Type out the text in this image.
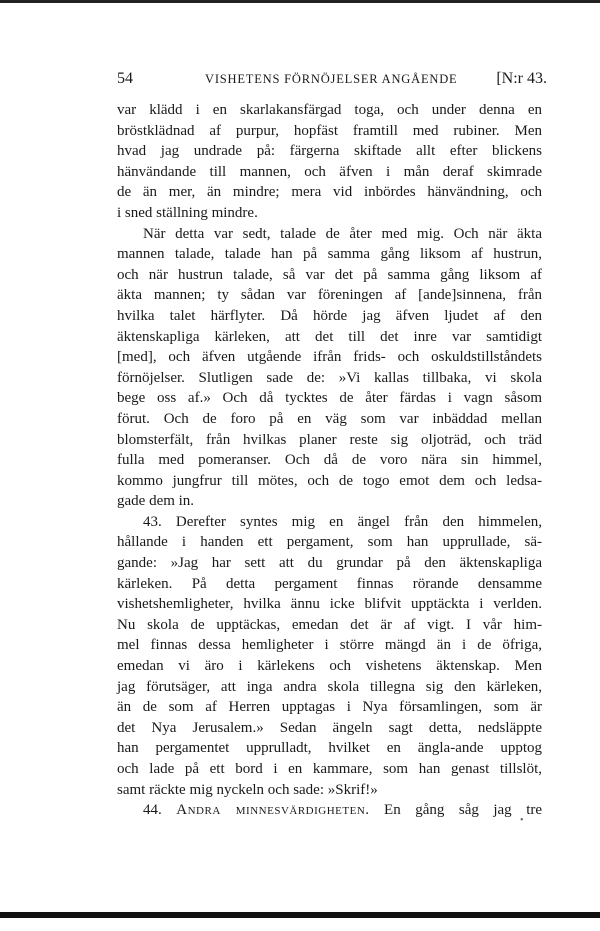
54	VISHETENS FÖRNÖJELSER ANGÅENDE [N:r 43.
var klädd i en skarlakansfärgad toga, och under denna en
bröstklädnad af purpur, hopfäst framtill med rubiner. Men
hvad jag undrade på: färgerna skiftade allt efter blickens
hänvändande till mannen, och äfven i mån deraf skimrade
de än mer, än mindre; mera vid inbördes hänvändning, och
i sned ställning mindre.
När detta var sedt, talade de åter med mig. Och när äkta
mannen talade, talade han på samma gång liksom af hustrun,
och när hustrun talade, så var det på samma gång liksom af
äkta mannen; ty sådan var föreningen af [ande]sinnena, från
hvilka talet härflyter. Då hörde jag äfven ljudet af den
äktenskapliga kärleken, att det till det inre var samtidigt
[med], och äfven utgående ifrån frids- och oskuldstillståndets
förnöjelser. Slutligen sade de: »Vi kallas tillbaka, vi skola
bege oss af.» Och då tycktes de åter färdas i vagn såsom
förut. Och de foro på en väg som var inbäddad mellan
blomsterfält, från hvilkas planer reste sig oljoträd, och träd
fulla med pomeranser. Och då de voro nära sin himmel,
kommo jungfrur till mötes, och de togo emot dem och ledsa-
gade dem in.
43. Derefter syntes mig en ängel från den himmelen,
hållande i handen ett pergament, som han upprullade, sä-
gande: »Jag har sett att du grundar på den äktenskapliga
kärleken. På detta pergament finnas rörande densamme
vishetshemligheter, hvilka ännu icke blifvit upptäckta i verlden.
Nu skola de upptäckas, emedan det är af vigt. I vår him-
mel finnas dessa hemligheter i större mängd än i de öfriga,
emedan vi äro i kärlekens och vishetens äktenskap. Men
jag förutsäger, att inga andra skola tillegna sig den kärleken,
än de som af Herren upptagas i Nya församlingen, som är
det Nya Jerusalem.» Sedan ängeln sagt detta, nedsläppte
han pergamentet upprulladt, hvilket en ängla-ande upptog
och lade på ett bord i en kammare, som han genast tillslöt,
samt räckte mig nyckeln och sade: »Skrif!»
44. Andra minnesvärdigheten. En gång såg jag tre
•
